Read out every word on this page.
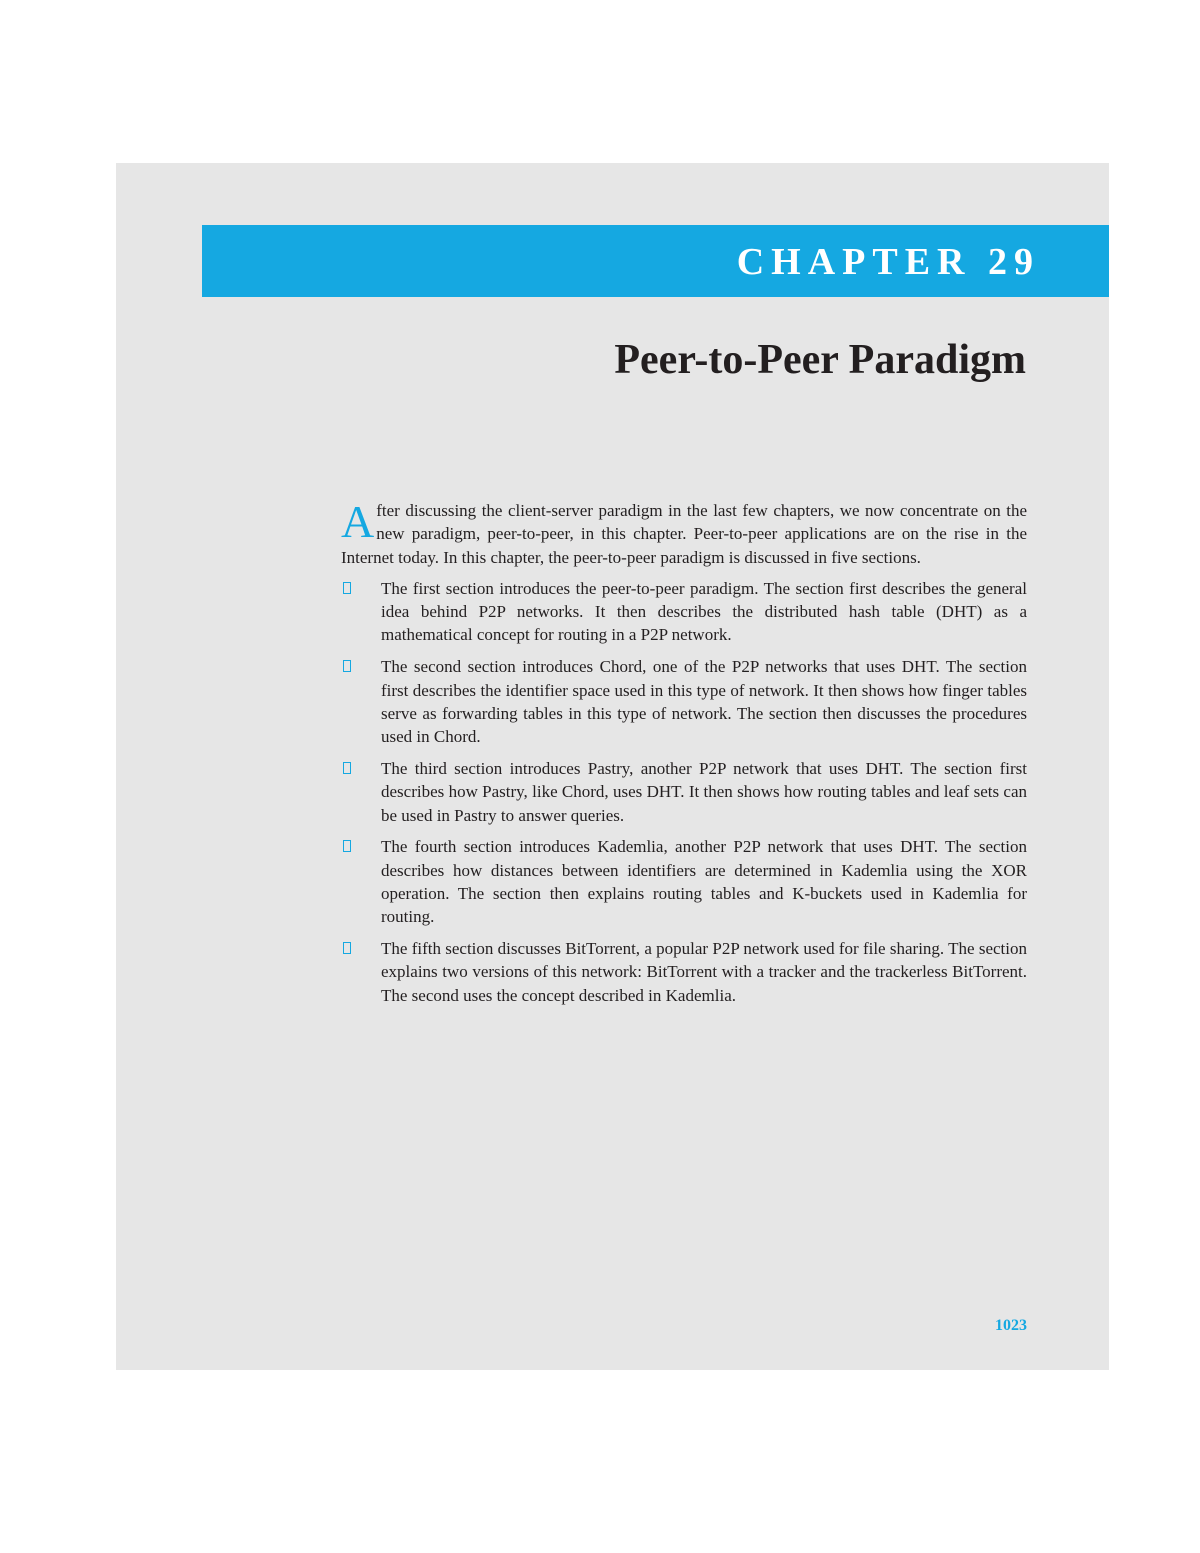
CHAPTER 29
Peer-to-Peer Paradigm

After discussing the client-server paradigm in the last few chapters, we now concentrate on the new paradigm, peer-to-peer, in this chapter. Peer-to-peer applications are on the rise in the Internet today. In this chapter, the peer-to-peer paradigm is discussed in five sections.

The first section introduces the peer-to-peer paradigm. The section first describes the general idea behind P2P networks. It then describes the distributed hash table (DHT) as a mathematical concept for routing in a P2P network.
The second section introduces Chord, one of the P2P networks that uses DHT. The section first describes the identifier space used in this type of network. It then shows how finger tables serve as forwarding tables in this type of network. The section then discusses the procedures used in Chord.
The third section introduces Pastry, another P2P network that uses DHT. The section first describes how Pastry, like Chord, uses DHT. It then shows how routing tables and leaf sets can be used in Pastry to answer queries.
The fourth section introduces Kademlia, another P2P network that uses DHT. The section describes how distances between identifiers are determined in Kademlia using the XOR operation. The section then explains routing tables and K-buckets used in Kademlia for routing.
The fifth section discusses BitTorrent, a popular P2P network used for file sharing. The section explains two versions of this network: BitTorrent with a tracker and the trackerless BitTorrent. The second uses the concept described in Kademlia.
1023
